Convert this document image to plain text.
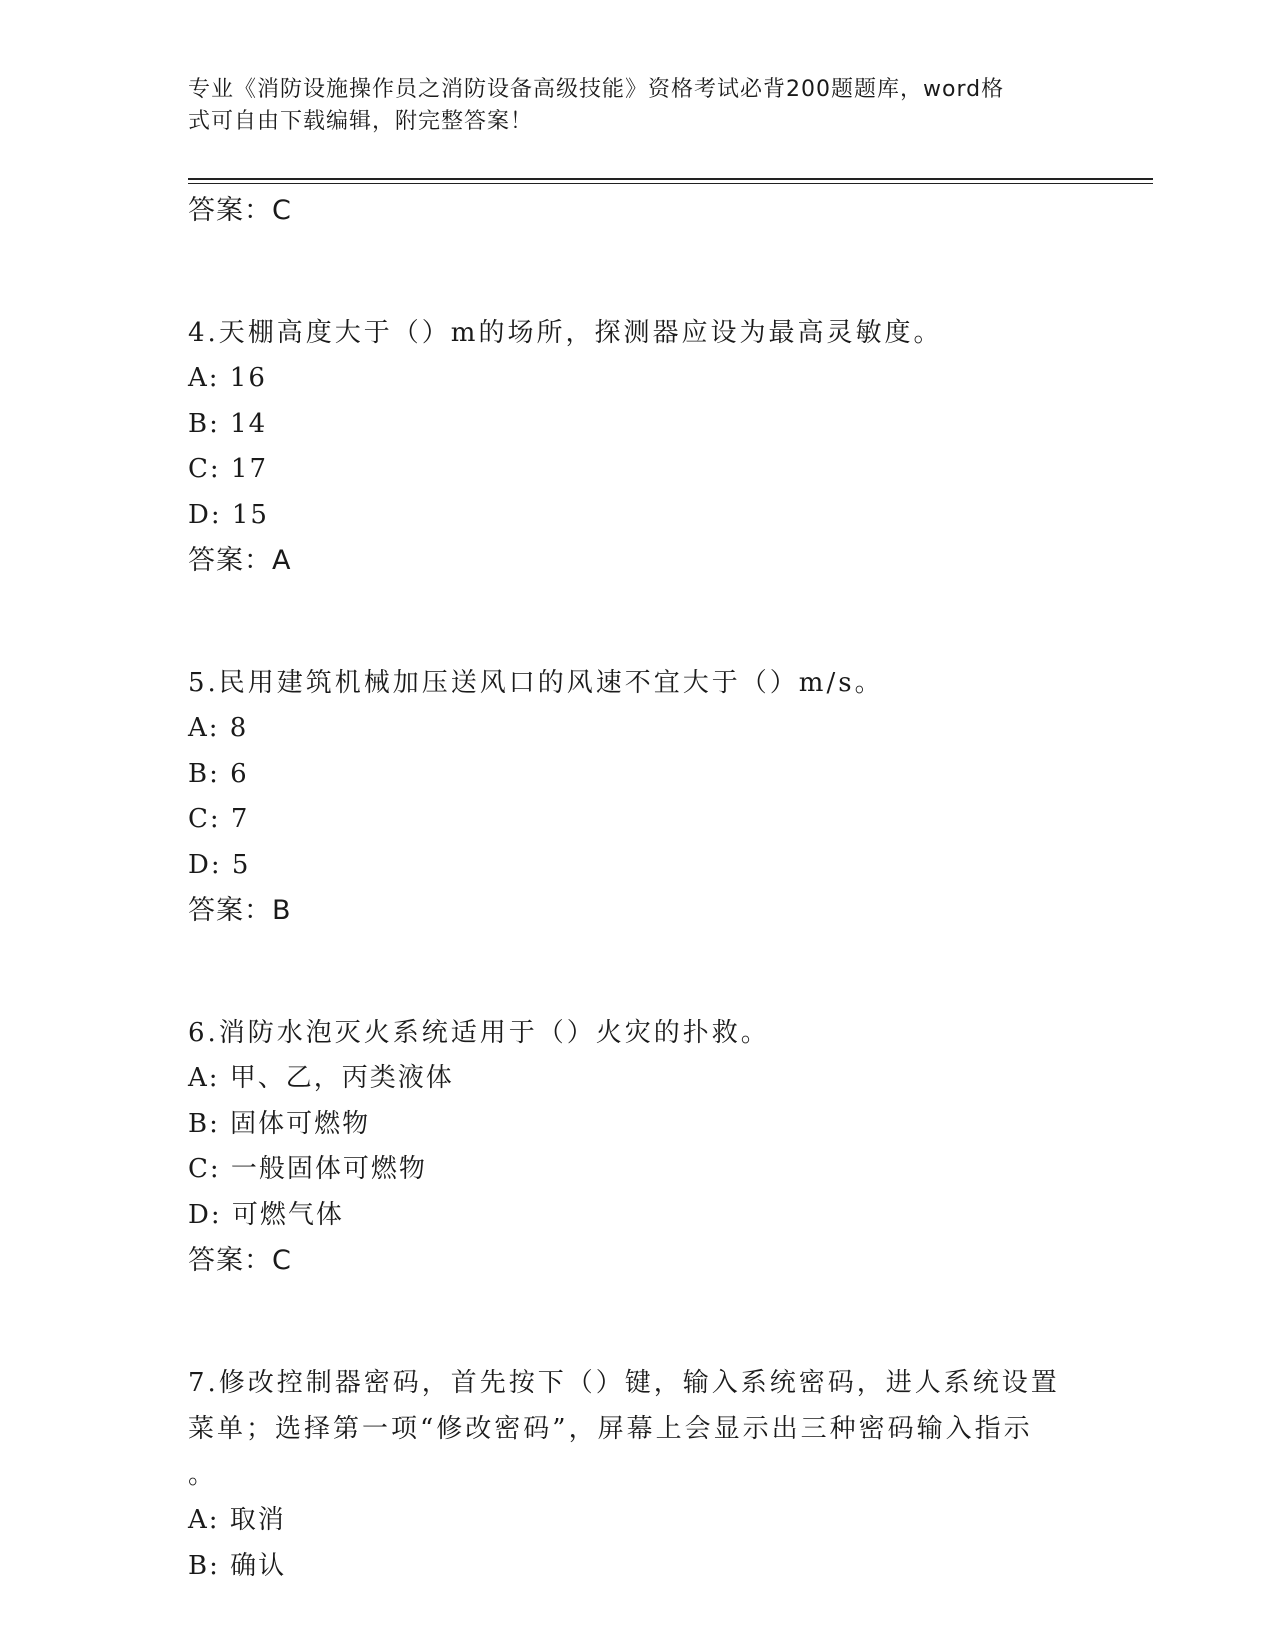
专业《消防设施操作员之消防设备高级技能》资格考试必背200题题库，word格
式可自由下载编辑，附完整答案！
答案：C
4.天棚高度大于（）m的场所，探测器应设为最高灵敏度。
A: 16
B: 14
C: 17
D: 15
答案：A
5.民用建筑机械加压送风口的风速不宜大于（）m/s。
A: 8
B: 6
C: 7
D: 5
答案：B
6.消防水泡灭火系统适用于（）火灾的扑救。
A: 甲、乙，丙类液体
B: 固体可燃物
C: 一般固体可燃物
D: 可燃气体
答案：C
7.修改控制器密码，首先按下（）键，输入系统密码，进人系统设置
菜单；选择第一项“修改密码”，屏幕上会显示出三种密码输入指示
。
A: 取消
B: 确认
